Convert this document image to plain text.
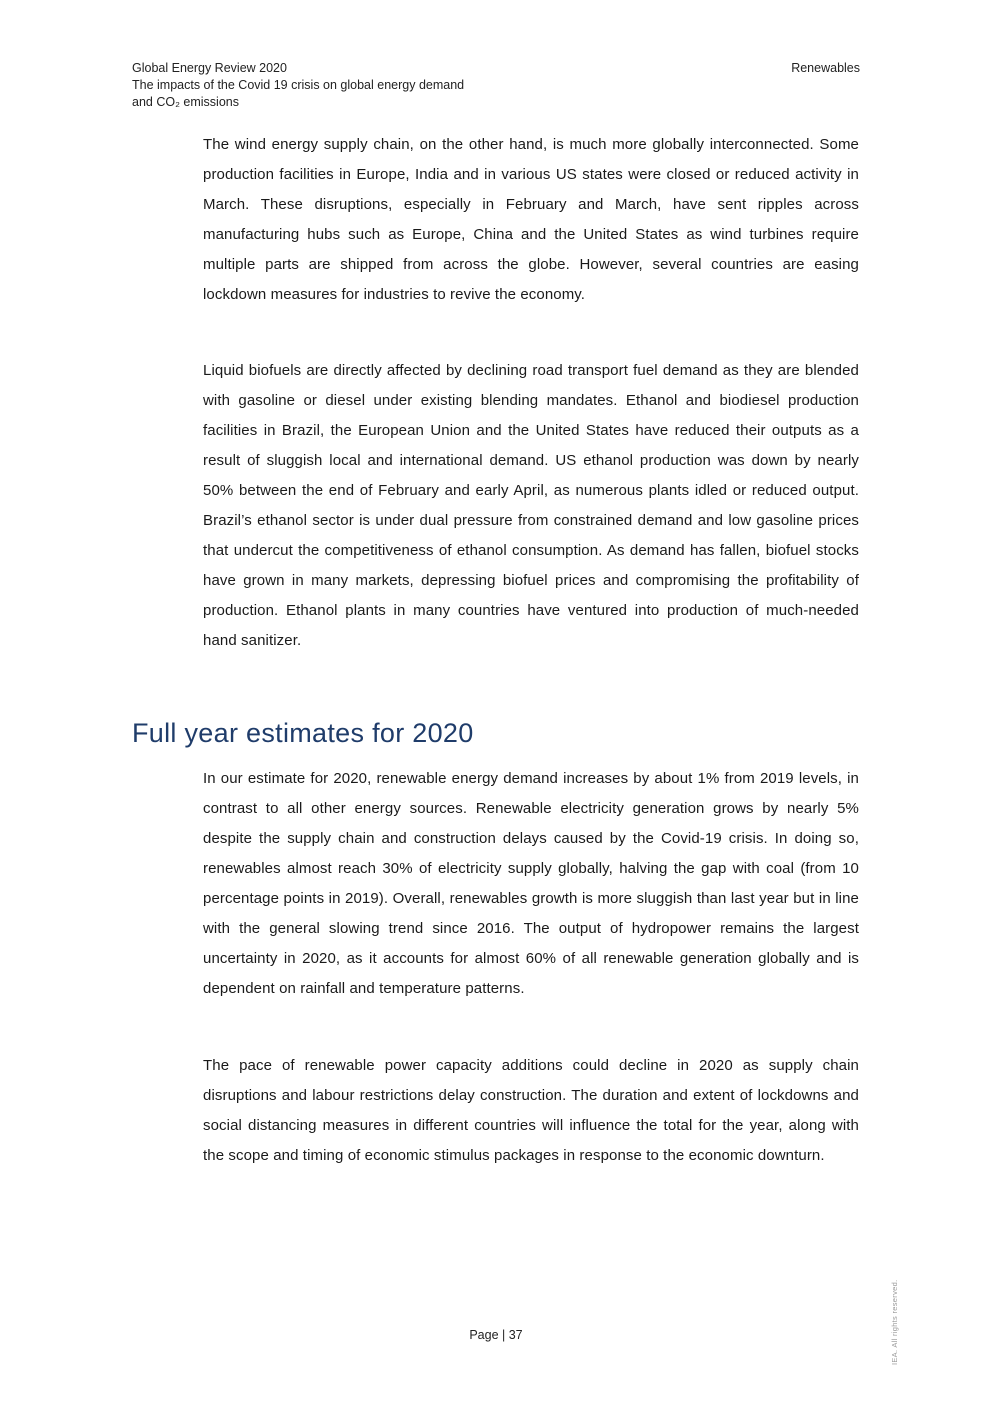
Global Energy Review 2020
The impacts of the Covid 19 crisis on global energy demand
and CO₂ emissions
Renewables

The wind energy supply chain, on the other hand, is much more globally interconnected. Some production facilities in Europe, India and in various US states were closed or reduced activity in March. These disruptions, especially in February and March, have sent ripples across manufacturing hubs such as Europe, China and the United States as wind turbines require multiple parts are shipped from across the globe. However, several countries are easing lockdown measures for industries to revive the economy.

Liquid biofuels are directly affected by declining road transport fuel demand as they are blended with gasoline or diesel under existing blending mandates. Ethanol and biodiesel production facilities in Brazil, the European Union and the United States have reduced their outputs as a result of sluggish local and international demand. US ethanol production was down by nearly 50% between the end of February and early April, as numerous plants idled or reduced output. Brazil’s ethanol sector is under dual pressure from constrained demand and low gasoline prices that undercut the competitiveness of ethanol consumption. As demand has fallen, biofuel stocks have grown in many markets, depressing biofuel prices and compromising the profitability of production. Ethanol plants in many countries have ventured into production of much-needed hand sanitizer.

Full year estimates for 2020

In our estimate for 2020, renewable energy demand increases by about 1% from 2019 levels, in contrast to all other energy sources. Renewable electricity generation grows by nearly 5% despite the supply chain and construction delays caused by the Covid-19 crisis. In doing so, renewables almost reach 30% of electricity supply globally, halving the gap with coal (from 10 percentage points in 2019). Overall, renewables growth is more sluggish than last year but in line with the general slowing trend since 2016. The output of hydropower remains the largest uncertainty in 2020, as it accounts for almost 60% of all renewable generation globally and is dependent on rainfall and temperature patterns.

The pace of renewable power capacity additions could decline in 2020 as supply chain disruptions and labour restrictions delay construction. The duration and extent of lockdowns and social distancing measures in different countries will influence the total for the year, along with the scope and timing of economic stimulus packages in response to the economic downturn.

Page | 37	IEA. All rights reserved.
